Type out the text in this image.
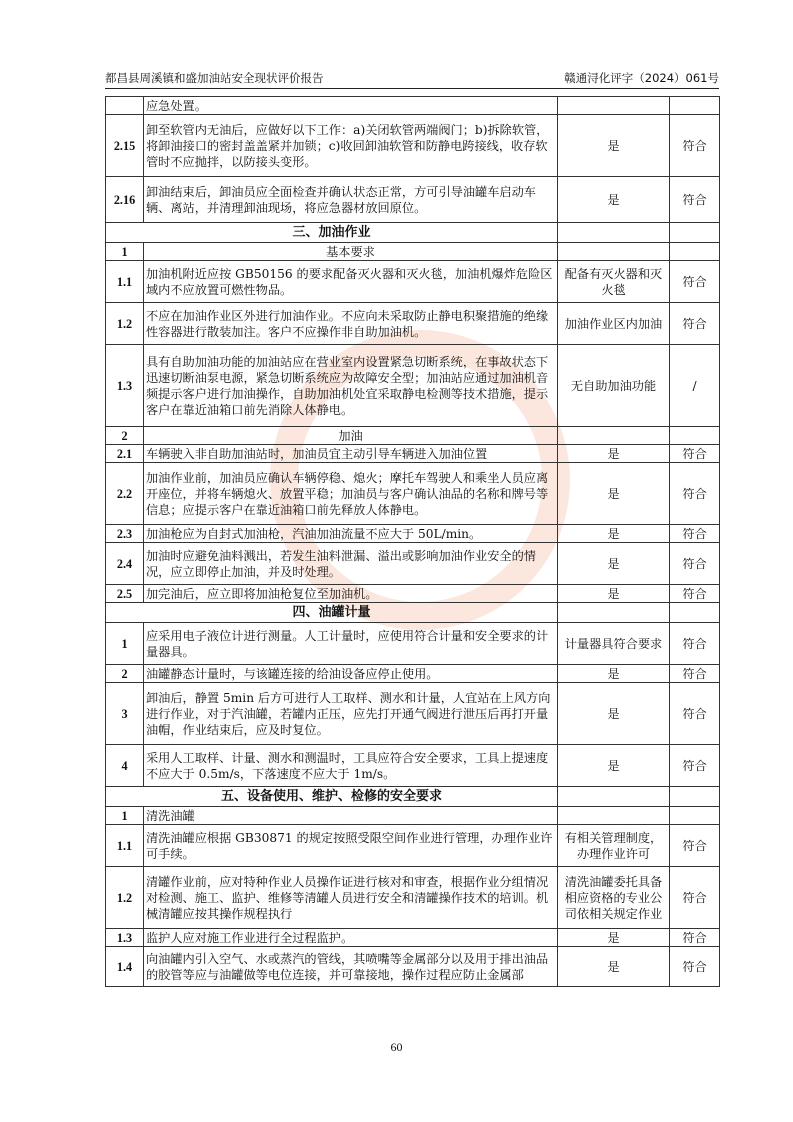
都昌县周溪镇和盛加油站安全现状评价报告	赣通浔化评字（2024）061号
	应急处置。		
2.15	卸至软管内无油后，应做好以下工作：a)关闭软管两端阀门；b)拆除软管，将卸油接口的密封盖盖紧并加锁；c)收回卸油软管和防静电跨接线，收存软管时不应抛拌，以防接头变形。	是	符合
2.16	卸油结束后，卸油员应全面检查并确认状态正常，方可引导油罐车启动车辆、离站，并清理卸油现场，将应急器材放回原位。	是	符合
三、加油作业			
1	基本要求		
1.1	加油机附近应按 GB50156 的要求配备灭火器和灭火毯，加油机爆炸危险区域内不应放置可燃性物品。	配备有灭火器和灭火毯	符合
1.2	不应在加油作业区外进行加油作业。不应向未采取防止静电积聚措施的绝缘性容器进行散装加注。客户不应操作非自助加油机。	加油作业区内加油	符合
1.3	具有自助加油功能的加油站应在营业室内设置紧急切断系统，在事故状态下迅速切断油泵电源，紧急切断系统应为故障安全型；加油站应通过加油机音频提示客户进行加油操作，自助加油机处宜采取静电检测等技术措施，提示客户在靠近油箱口前先消除人体静电。	无自助加油功能	/
2	加油		
2.1	车辆驶入非自助加油站时，加油员宜主动引导车辆进入加油位置	是	符合
2.2	加油作业前，加油员应确认车辆停稳、熄火；摩托车驾驶人和乘坐人员应离开座位，并将车辆熄火、放置平稳；加油员与客户确认油品的名称和牌号等信息；应提示客户在靠近油箱口前先释放人体静电。	是	符合
2.3	加油枪应为自封式加油枪，汽油加油流量不应大于 50L/min。	是	符合
2.4	加油时应避免油料溅出，若发生油料泄漏、溢出或影响加油作业安全的情况，应立即停止加油，并及时处理。	是	符合
2.5	加完油后，应立即将加油枪复位至加油机。	是	符合
四、油罐计量			
1	应采用电子液位计进行测量。人工计量时，应使用符合计量和安全要求的计量器具。	计量器具符合要求	符合
2	油罐静态计量时，与该罐连接的给油设备应停止使用。	是	符合
3	卸油后，静置 5min 后方可进行人工取样、测水和计量，人宜站在上风方向进行作业，对于汽油罐，若罐内正压，应先打开通气阀进行泄压后再打开量油帽，作业结束后，应及时复位。	是	符合
4	采用人工取样、计量、测水和测温时，工具应符合安全要求，工具上提速度不应大于 0.5m/s，下落速度不应大于 1m/s。	是	符合
五、设备使用、维护、检修的安全要求			
1	清洗油罐		
1.1	清洗油罐应根据 GB30871 的规定按照受限空间作业进行管理，办理作业许可手续。	有相关管理制度，办理作业许可	符合
1.2	清罐作业前，应对特种作业人员操作证进行核对和审查，根据作业分组情况对检测、施工、监护、维修等清罐人员进行安全和清罐操作技术的培训。机械清罐应按其操作规程执行	清洗油罐委托具备相应资格的专业公司依相关规定作业	符合
1.3	监护人应对施工作业进行全过程监护。	是	符合
1.4	向油罐内引入空气、水或蒸汽的管线，其喷嘴等金属部分以及用于排出油品的胶管等应与油罐做等电位连接，并可靠接地，操作过程应防止金属部	是	符合
60
